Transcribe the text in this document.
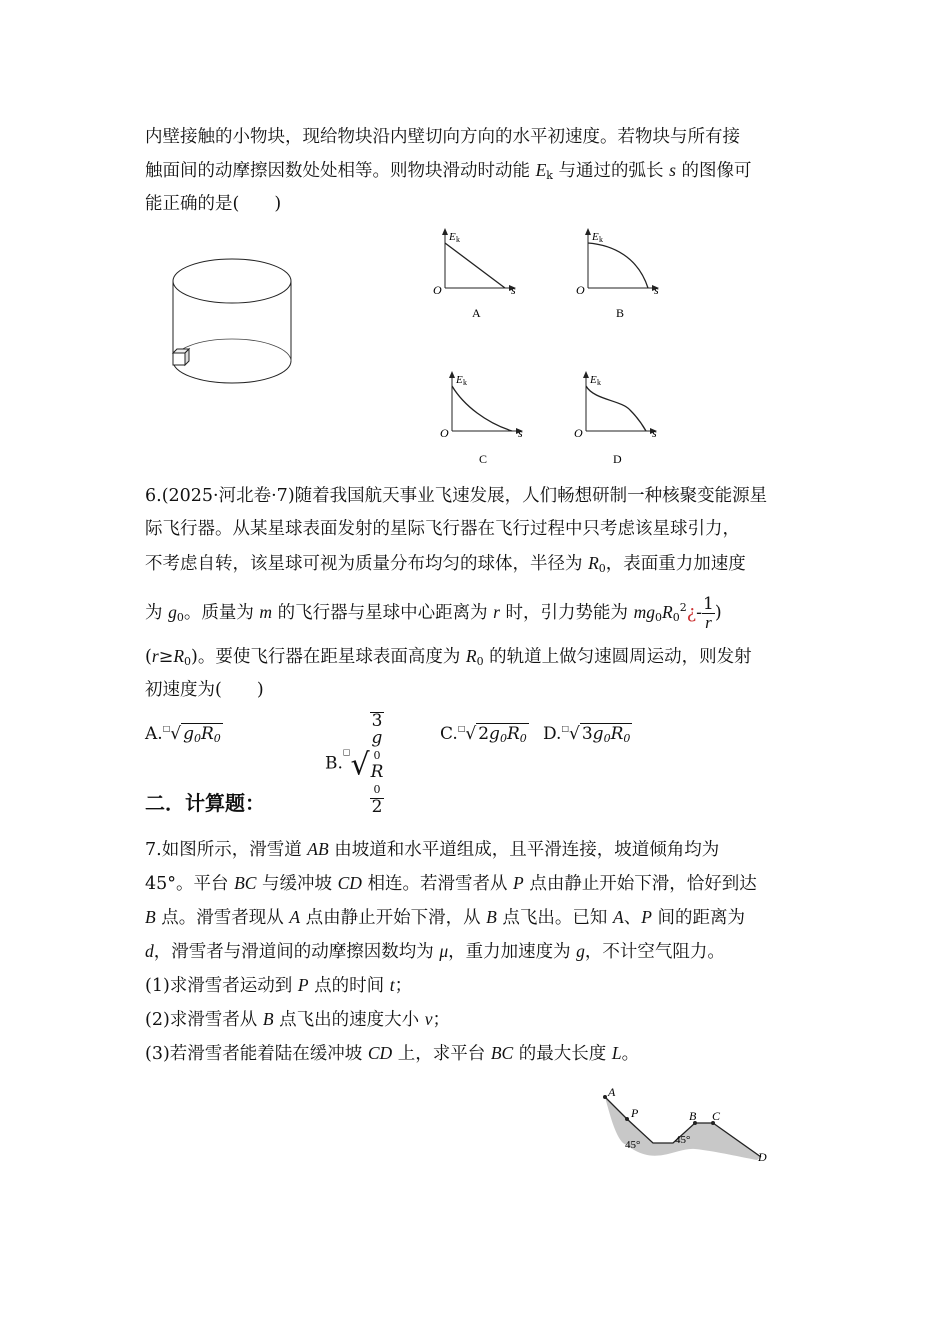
内壁接触的小物块，现给物块沿内壁切向方向的水平初速度。若物块与所有接
触面间的动摩擦因数处处相等。则物块滑动时动能 $E_k$ 与通过的弧长 s 的图像可
能正确的是(　　)
E k
O	s
A
E k
O	s
B
E k
O	s
C
E k
O	s
D
6.(2025·河北卷·7)随着我国航天事业飞速发展，人们畅想研制一种核聚变能源星
际飞行器。从某星球表面发射的星际飞行器在飞行过程中只考虑该星球引力，
不考虑自转，该星球可视为质量分布均匀的球体，半径为 $R_0$，表面重力加速度
为 $g_0$。质量为 m 的飞行器与星球中心距离为 r 时，引力势能为 $mg_0R_0^2¿- \frac{1}{r}$ )
$(r\ge R_0)$。要使飞行器在距星球表面高度为 $R_0$ 的轨道上做匀速圆周运动，则发射
初速度为(　　)
A.□√ $g_0R_0$
B.□√ 3
g
0
R
0
2	C.□√ $2g_0R_0$ D.□√ $3g_0R_0$
二．计算题：
7.如图所示，滑雪道 AB 由坡道和水平道组成，且平滑连接，坡道倾角均为
45°。平台 BC 与缓冲坡 CD 相连。若滑雪者从 P 点由静止开始下滑，恰好到达
B 点。滑雪者现从 A 点由静止开始下滑，从 B 点飞出。已知 A、P 间的距离为
d，滑雪者与滑道间的动摩擦因数均为 μ，重力加速度为 g，不计空气阻力。
(1)求滑雪者运动到 P 点的时间 t；
(2)求滑雪者从 B 点飞出的速度大小 v；
(3)若滑雪者能着陆在缓冲坡 CD 上，求平台 BC 的最大长度 L。
A
P	B C
D
45°	45°
